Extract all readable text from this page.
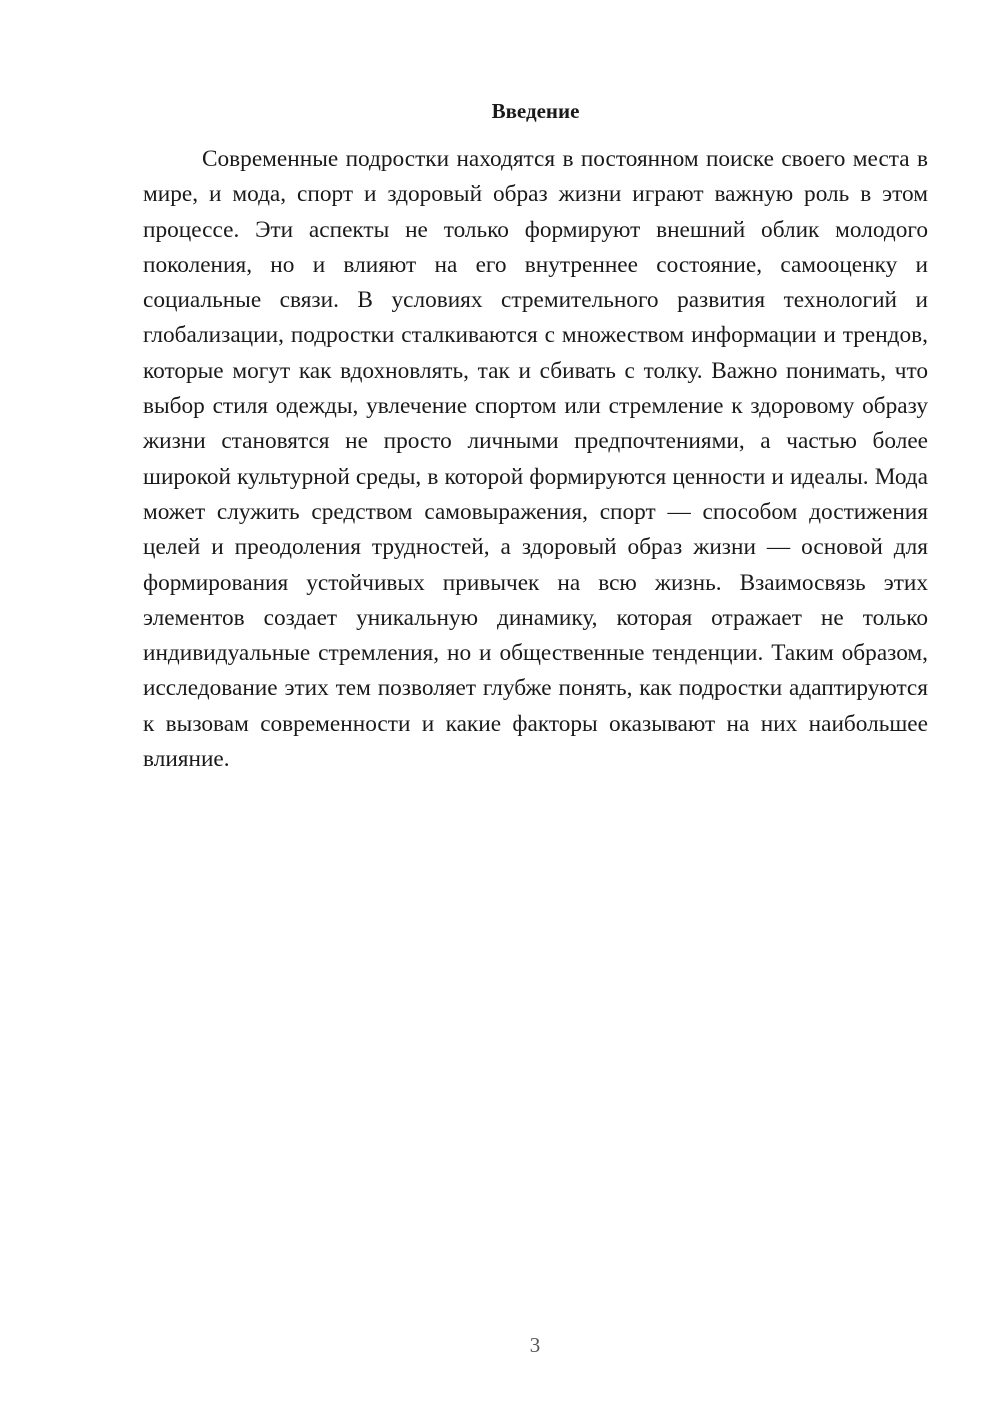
Введение

Современные подростки находятся в постоянном поиске своего места в мире, и мода, спорт и здоровый образ жизни играют важную роль в этом процессе. Эти аспекты не только формируют внешний облик молодого поколения, но и влияют на его внутреннее состояние, самооценку и социальные связи. В условиях стремительного развития технологий и глобализации, подростки сталкиваются с множеством информации и трендов, которые могут как вдохновлять, так и сбивать с толку. Важно понимать, что выбор стиля одежды, увлечение спортом или стремление к здоровому образу жизни становятся не просто личными предпочтениями, а частью более широкой культурной среды, в которой формируются ценности и идеалы. Мода может служить средством самовыражения, спорт — способом достижения целей и преодоления трудностей, а здоровый образ жизни — основой для формирования устойчивых привычек на всю жизнь. Взаимосвязь этих элементов создает уникальную динамику, которая отражает не только индивидуальные стремления, но и общественные тенденции. Таким образом, исследование этих тем позволяет глубже понять, как подростки адаптируются к вызовам современности и какие факторы оказывают на них наибольшее влияние.

3
